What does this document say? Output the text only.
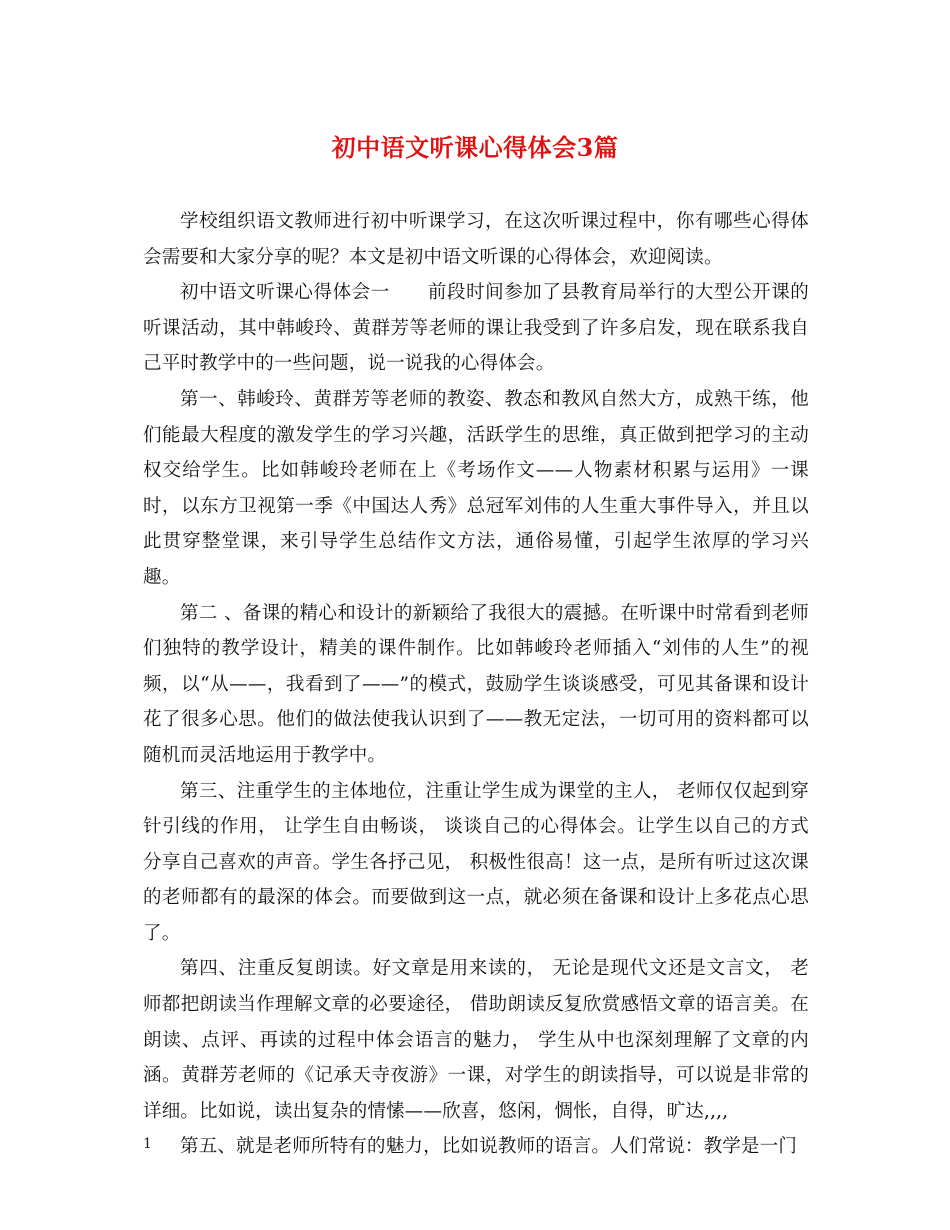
初中语文听课心得体会3篇

学校组织语文教师进行初中听课学习，在这次听课过程中，你有哪些心得体会需要和大家分享的呢？本文是初中语文听课的心得体会，欢迎阅读。

初中语文听课心得体会一　　前段时间参加了县教育局举行的大型公开课的听课活动，其中韩峻玲、黄群芳等老师的课让我受到了许多启发，现在联系我自己平时教学中的一些问题，说一说我的心得体会。

第一、韩峻玲、黄群芳等老师的教姿、教态和教风自然大方，成熟干练，他们能最大程度的激发学生的学习兴趣，活跃学生的思维，真正做到把学习的主动权交给学生。比如韩峻玲老师在上《考场作文——人物素材积累与运用》一课时，以东方卫视第一季《中国达人秀》总冠军刘伟的人生重大事件导入，并且以此贯穿整堂课，来引导学生总结作文方法，通俗易懂，引起学生浓厚的学习兴趣。

第二 、备课的精心和设计的新颖给了我很大的震撼。在听课中时常看到老师们独特的教学设计，精美的课件制作。比如韩峻玲老师插入“刘伟的人生”的视频，以“从——，我看到了——”的模式，鼓励学生谈谈感受，可见其备课和设计花了很多心思。他们的做法使我认识到了——教无定法，一切可用的资料都可以随机而灵活地运用于教学中。

第三、注重学生的主体地位，注重让学生成为课堂的主人， 老师仅仅起到穿针引线的作用， 让学生自由畅谈， 谈谈自己的心得体会。让学生以自己的方式分享自己喜欢的声音。学生各抒己见， 积极性很高！这一点，是所有听过这次课的老师都有的最深的体会。而要做到这一点，就必须在备课和设计上多花点心思了。

第四、注重反复朗读。好文章是用来读的， 无论是现代文还是文言文， 老师都把朗读当作理解文章的必要途径， 借助朗读反复欣赏感悟文章的语言美。在朗读、点评、再读的过程中体会语言的魅力， 学生从中也深刻理解了文章的内涵。黄群芳老师的《记承天寺夜游》一课，对学生的朗读指导，可以说是非常的详细。比如说，读出复杂的情愫——欣喜，悠闲，惆怅，自得，旷达,,,,

第五、就是老师所特有的魅力，比如说教师的语言。人们常说：教学是一门

1
